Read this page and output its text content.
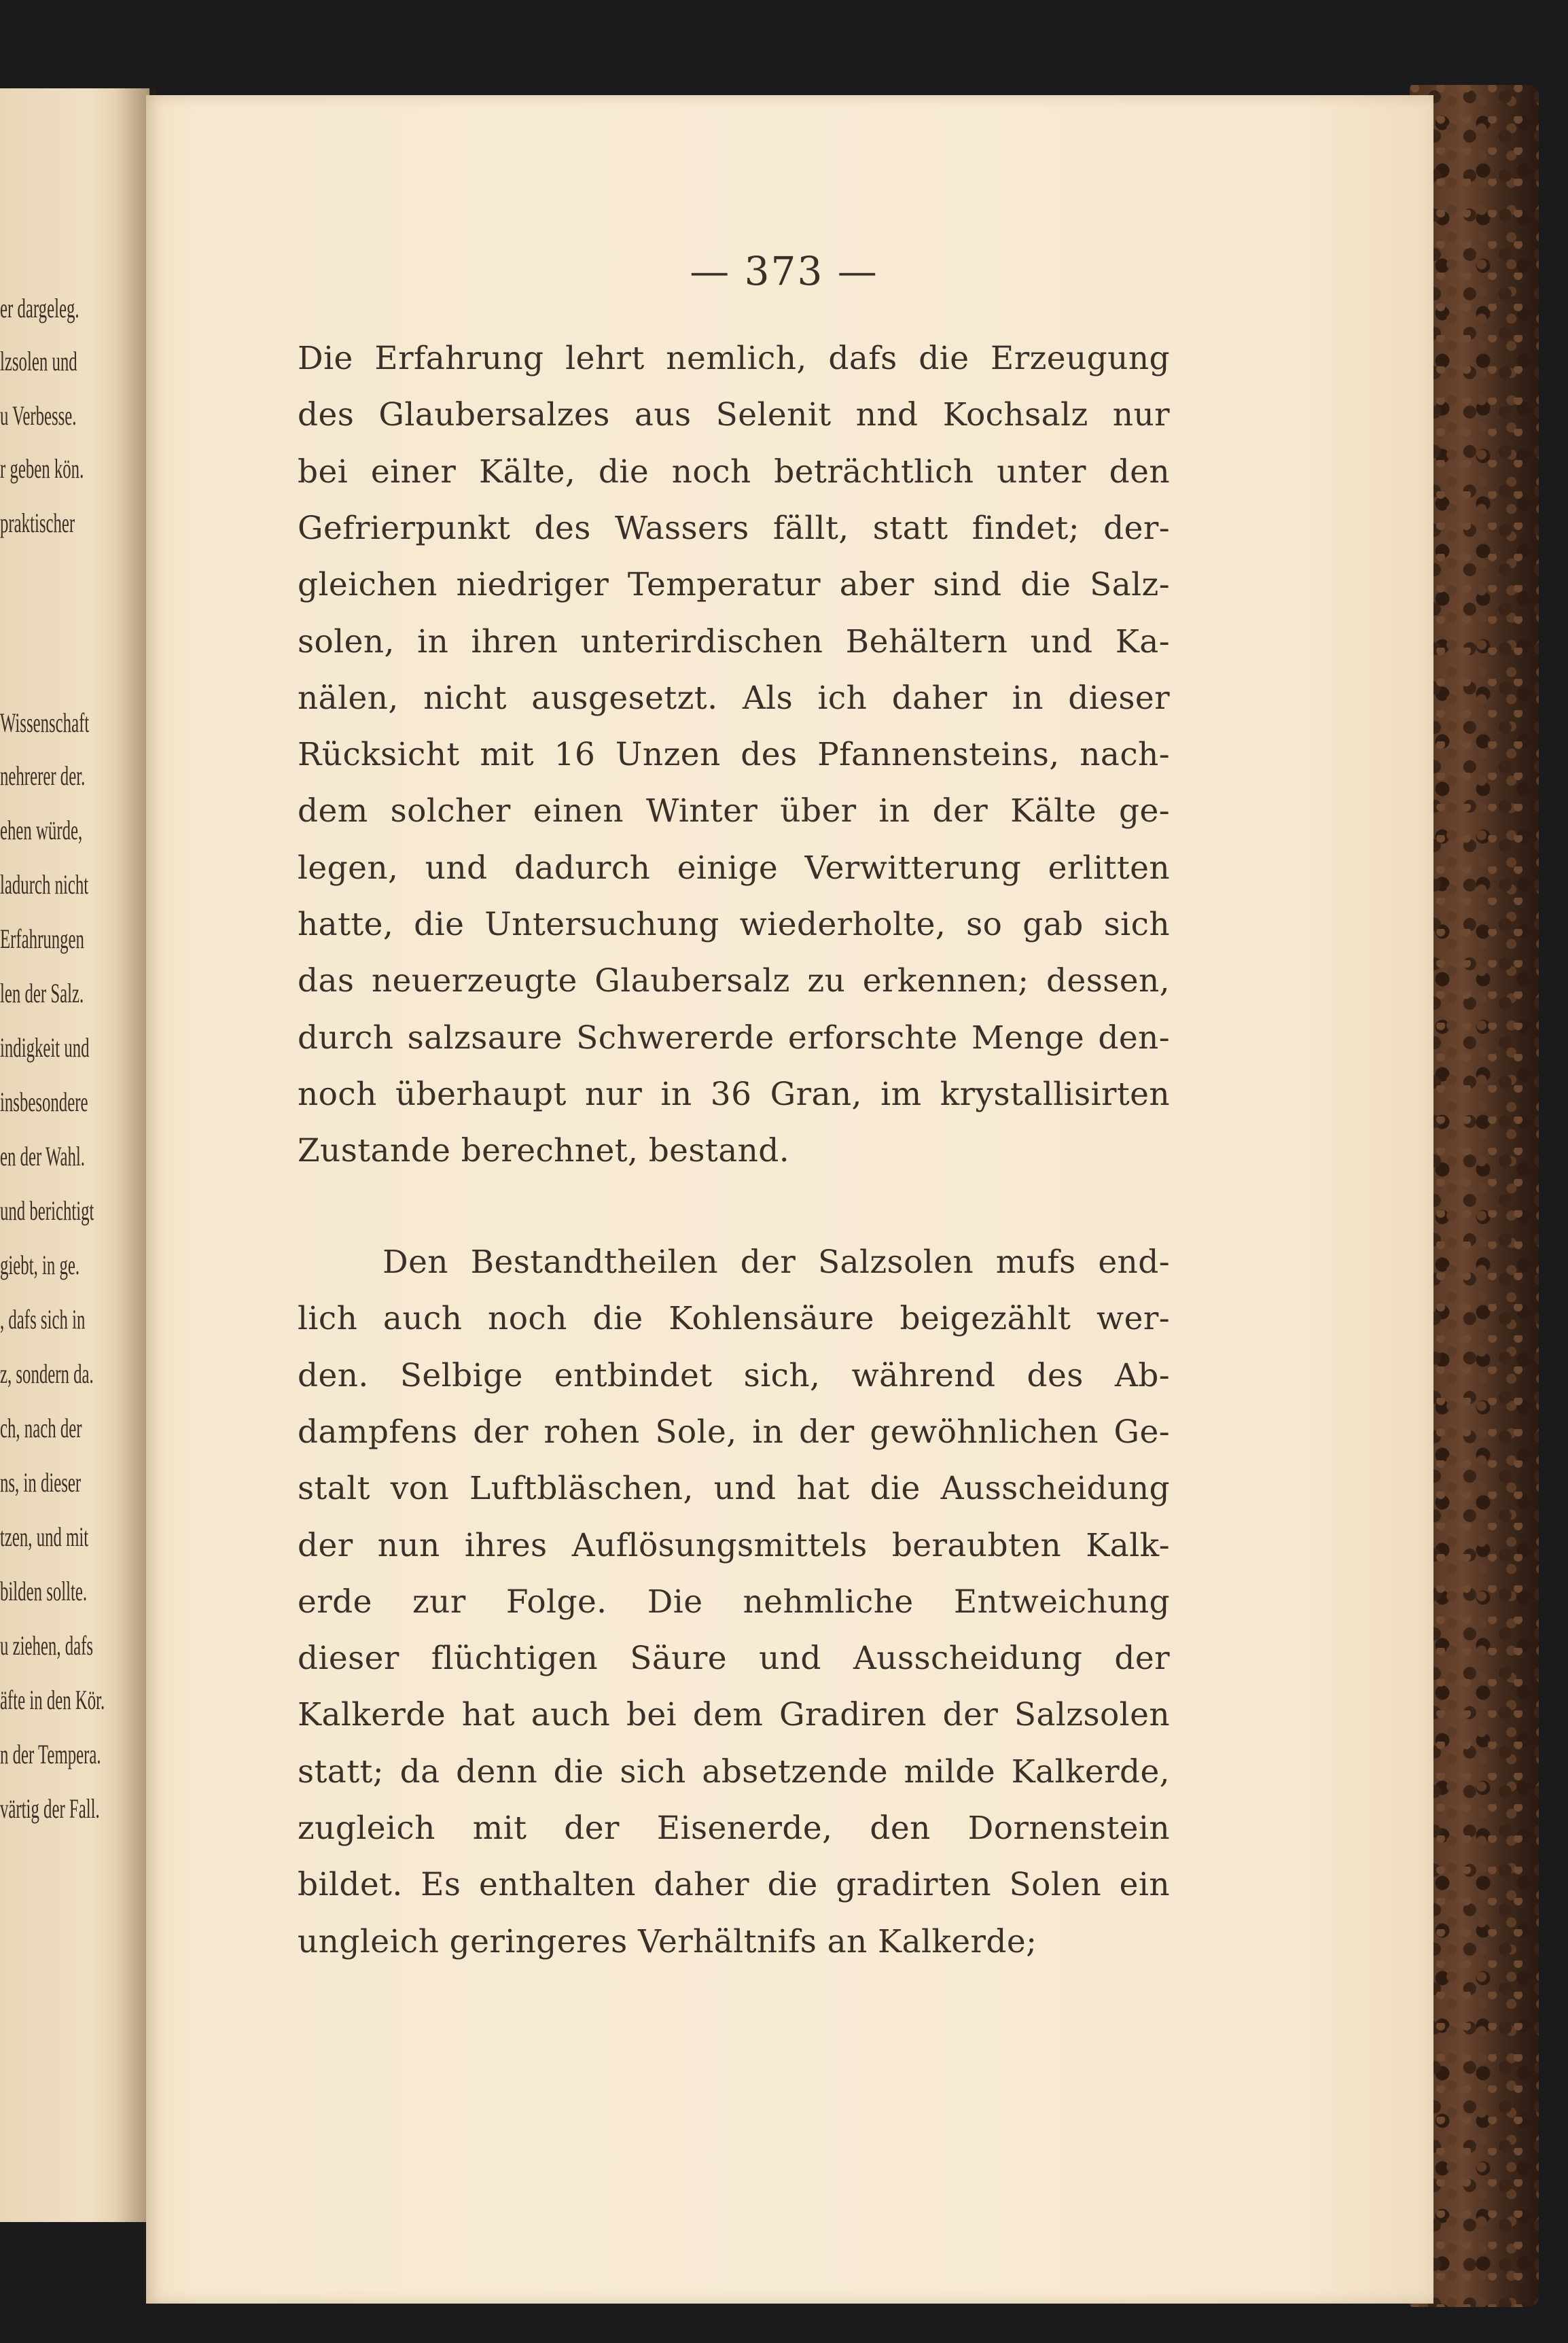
er dargeleg.
lzsolen und
u Verbesse.
r geben kön.
praktischer
Wissenschaft
nehrerer der.
ehen würde,
ladurch nicht
Erfahrungen
len der Salz.
indigkeit und
insbesondere
en der Wahl.
und berichtigt
giebt, in ge.
, dafs sich in
z, sondern da.
ch, nach der
ns, in dieser
tzen, und mit
bilden sollte.
u ziehen, dafs
äfte in den Kör.
n der Tempera.
värtig der Fall.
— 373 —
Die Erfahrung lehrt nemlich, dafs die Erzeugung
des Glaubersalzes aus Selenit nnd Kochsalz nur
bei einer Kälte, die noch beträchtlich unter den
Gefrierpunkt des Wassers fällt, statt findet; der-
gleichen niedriger Temperatur aber sind die Salz-
solen, in ihren unterirdischen Behältern und Ka-
nälen, nicht ausgesetzt. Als ich daher in dieser
Rücksicht mit 16 Unzen des Pfannensteins, nach-
dem solcher einen Winter über in der Kälte ge-
legen, und dadurch einige Verwitterung erlitten
hatte, die Untersuchung wiederholte, so gab sich
das neuerzeugte Glaubersalz zu erkennen; dessen,
durch salzsaure Schwererde erforschte Menge den-
noch überhaupt nur in 36 Gran, im krystallisirten
Zustande berechnet, bestand.
Den Bestandtheilen der Salzsolen mufs end-
lich auch noch die Kohlensäure beigezählt wer-
den. Selbige entbindet sich, während des Ab-
dampfens der rohen Sole, in der gewöhnlichen Ge-
stalt von Luftbläschen, und hat die Ausscheidung
der nun ihres Auflösungsmittels beraubten Kalk-
erde zur Folge. Die nehmliche Entweichung
dieser flüchtigen Säure und Ausscheidung der
Kalkerde hat auch bei dem Gradiren der Salzsolen
statt; da denn die sich absetzende milde Kalkerde,
zugleich mit der Eisenerde, den Dornenstein
bildet. Es enthalten daher die gradirten Solen ein
ungleich geringeres Verhältnifs an Kalkerde;
